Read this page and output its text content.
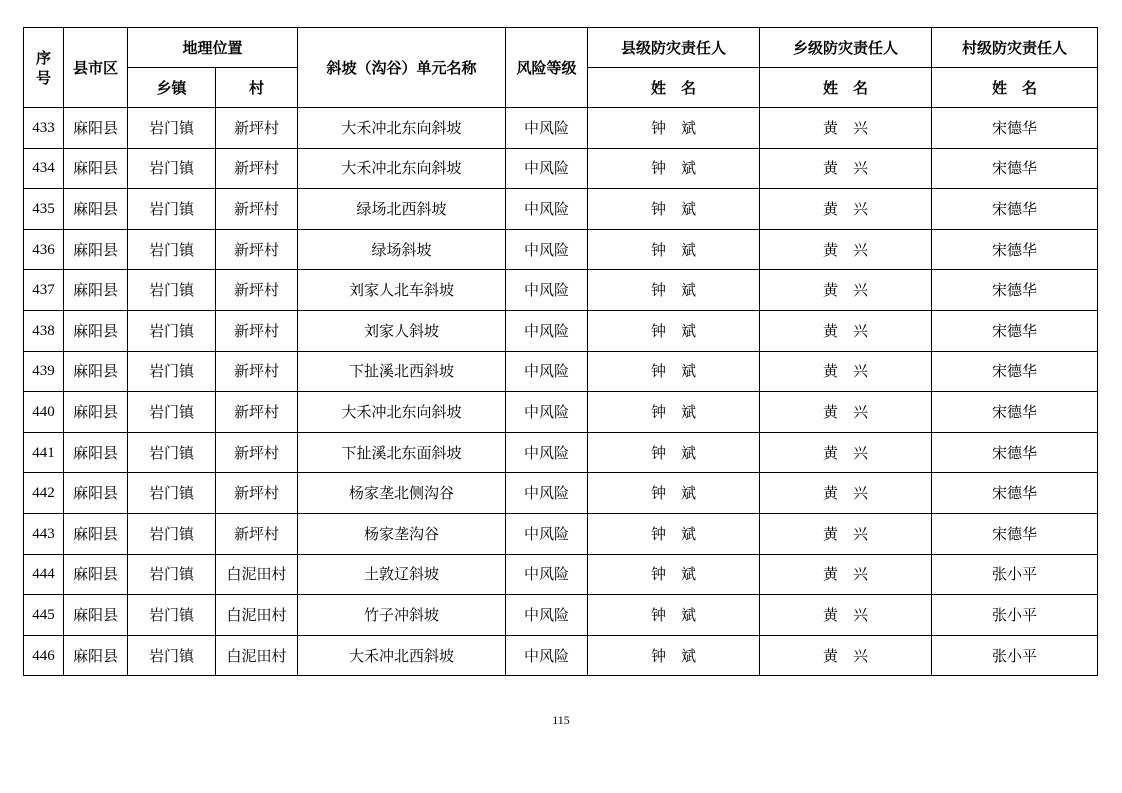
序号	县市区	地理位置		斜坡（沟谷）单元名称	风险等级	县级防灾责任人	乡级防灾责任人	村级防灾责任人
		乡镇	村			姓　名	姓　名	姓　名
433	麻阳县	岩门镇	新坪村	大禾冲北东向斜坡	中风险	钟　斌	黄　兴	宋德华
434	麻阳县	岩门镇	新坪村	大禾冲北东向斜坡	中风险	钟　斌	黄　兴	宋德华
435	麻阳县	岩门镇	新坪村	绿场北西斜坡	中风险	钟　斌	黄　兴	宋德华
436	麻阳县	岩门镇	新坪村	绿场斜坡	中风险	钟　斌	黄　兴	宋德华
437	麻阳县	岩门镇	新坪村	刘家人北车斜坡	中风险	钟　斌	黄　兴	宋德华
438	麻阳县	岩门镇	新坪村	刘家人斜坡	中风险	钟　斌	黄　兴	宋德华
439	麻阳县	岩门镇	新坪村	下扯溪北西斜坡	中风险	钟　斌	黄　兴	宋德华
440	麻阳县	岩门镇	新坪村	大禾冲北东向斜坡	中风险	钟　斌	黄　兴	宋德华
441	麻阳县	岩门镇	新坪村	下扯溪北东面斜坡	中风险	钟　斌	黄　兴	宋德华
442	麻阳县	岩门镇	新坪村	杨家垄北侧沟谷	中风险	钟　斌	黄　兴	宋德华
443	麻阳县	岩门镇	新坪村	杨家垄沟谷	中风险	钟　斌	黄　兴	宋德华
444	麻阳县	岩门镇	白泥田村	土敦辽斜坡	中风险	钟　斌	黄　兴	张小平
445	麻阳县	岩门镇	白泥田村	竹子冲斜坡	中风险	钟　斌	黄　兴	张小平
446	麻阳县	岩门镇	白泥田村	大禾冲北西斜坡	中风险	钟　斌	黄　兴	张小平
115
